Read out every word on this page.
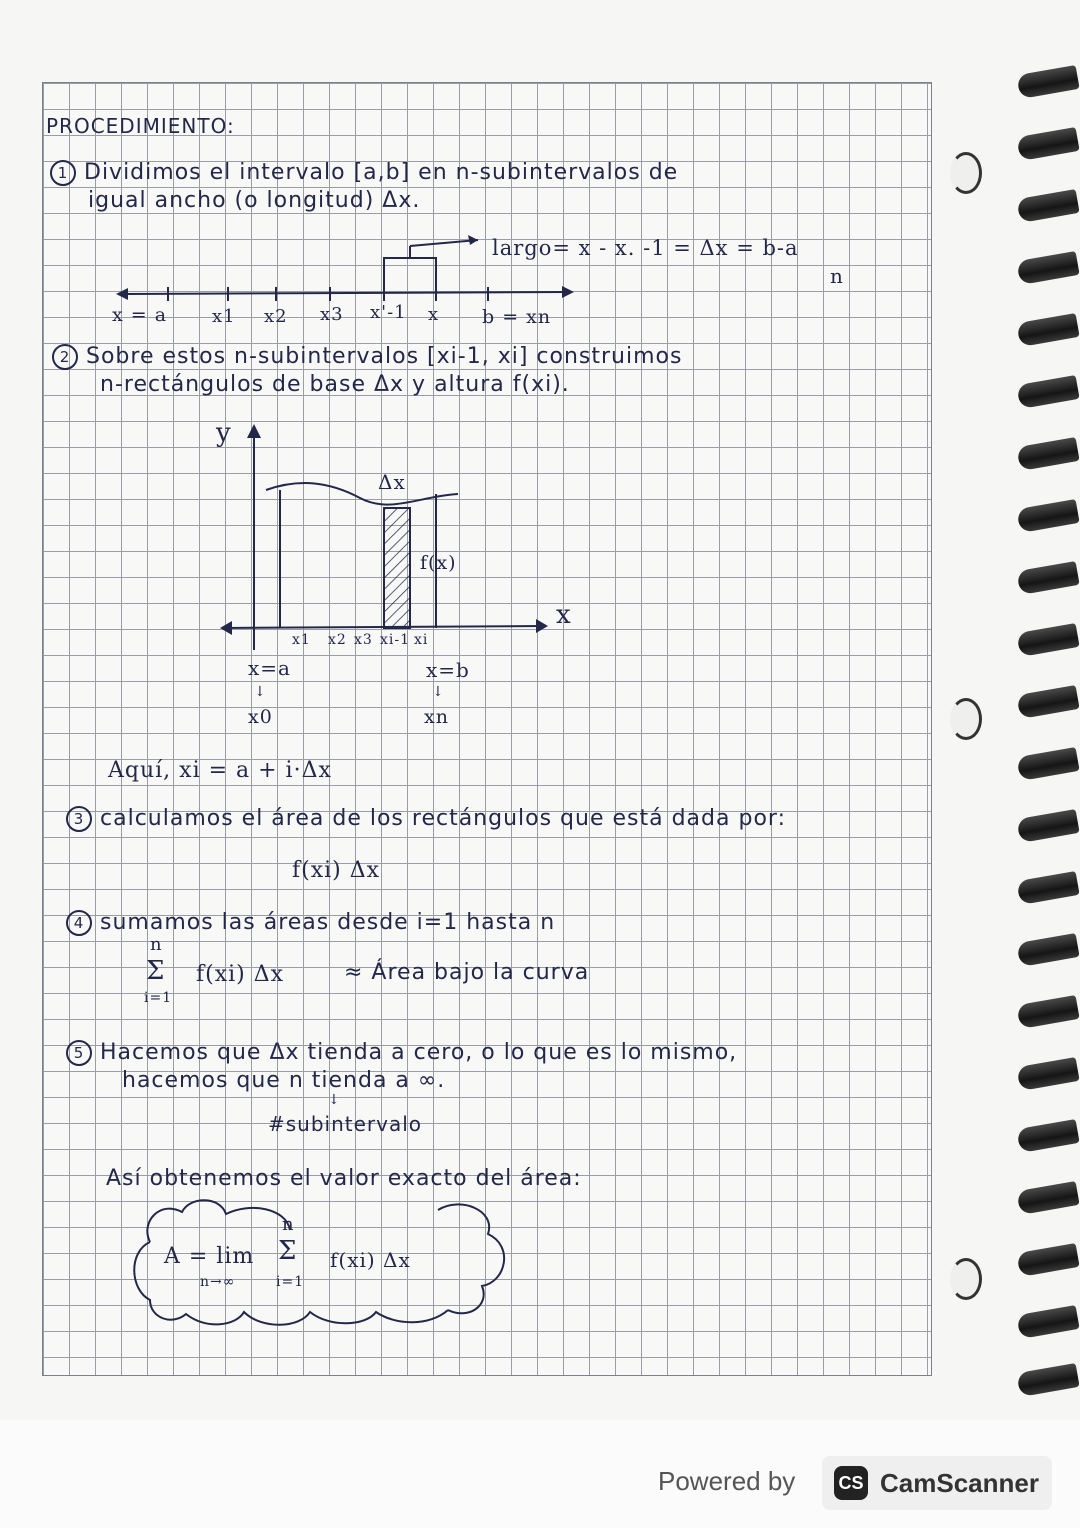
PROCEDIMIENTO:
1 Dividimos el intervalo [a,b] en n-subintervalos de
igual ancho (o longitud) Δx.
largo= x - x. -1 = Δx = b-a
n
x = a x1 x2 x3 x'-1 x b = xn
2 Sobre estos n-subintervalos [xi-1, xi] construimos
n-rectángulos de base Δx y altura f(xi).
y
Δx
f(x)
x
x1 x2 x3 xi-1 xi
x=a	x=b
↓	↓
x0	xn
Aquí, xi = a + i·Δx
3 calculamos el área de los rectángulos que está dada por:
f(xi) Δx
4 sumamos las áreas desde i=1 hasta n
n
Σ
i=1
f(xi) Δx	≈ Área bajo la curva
5 Hacemos que Δx tienda a cero, o lo que es lo mismo,
hacemos que n tienda a ∞.
↓
#subintervalo
Así obtenemos el valor exacto del área:
n
A = lim Σ
n→∞	i=1
f(xi) Δx
Powered by CS CamScanner
